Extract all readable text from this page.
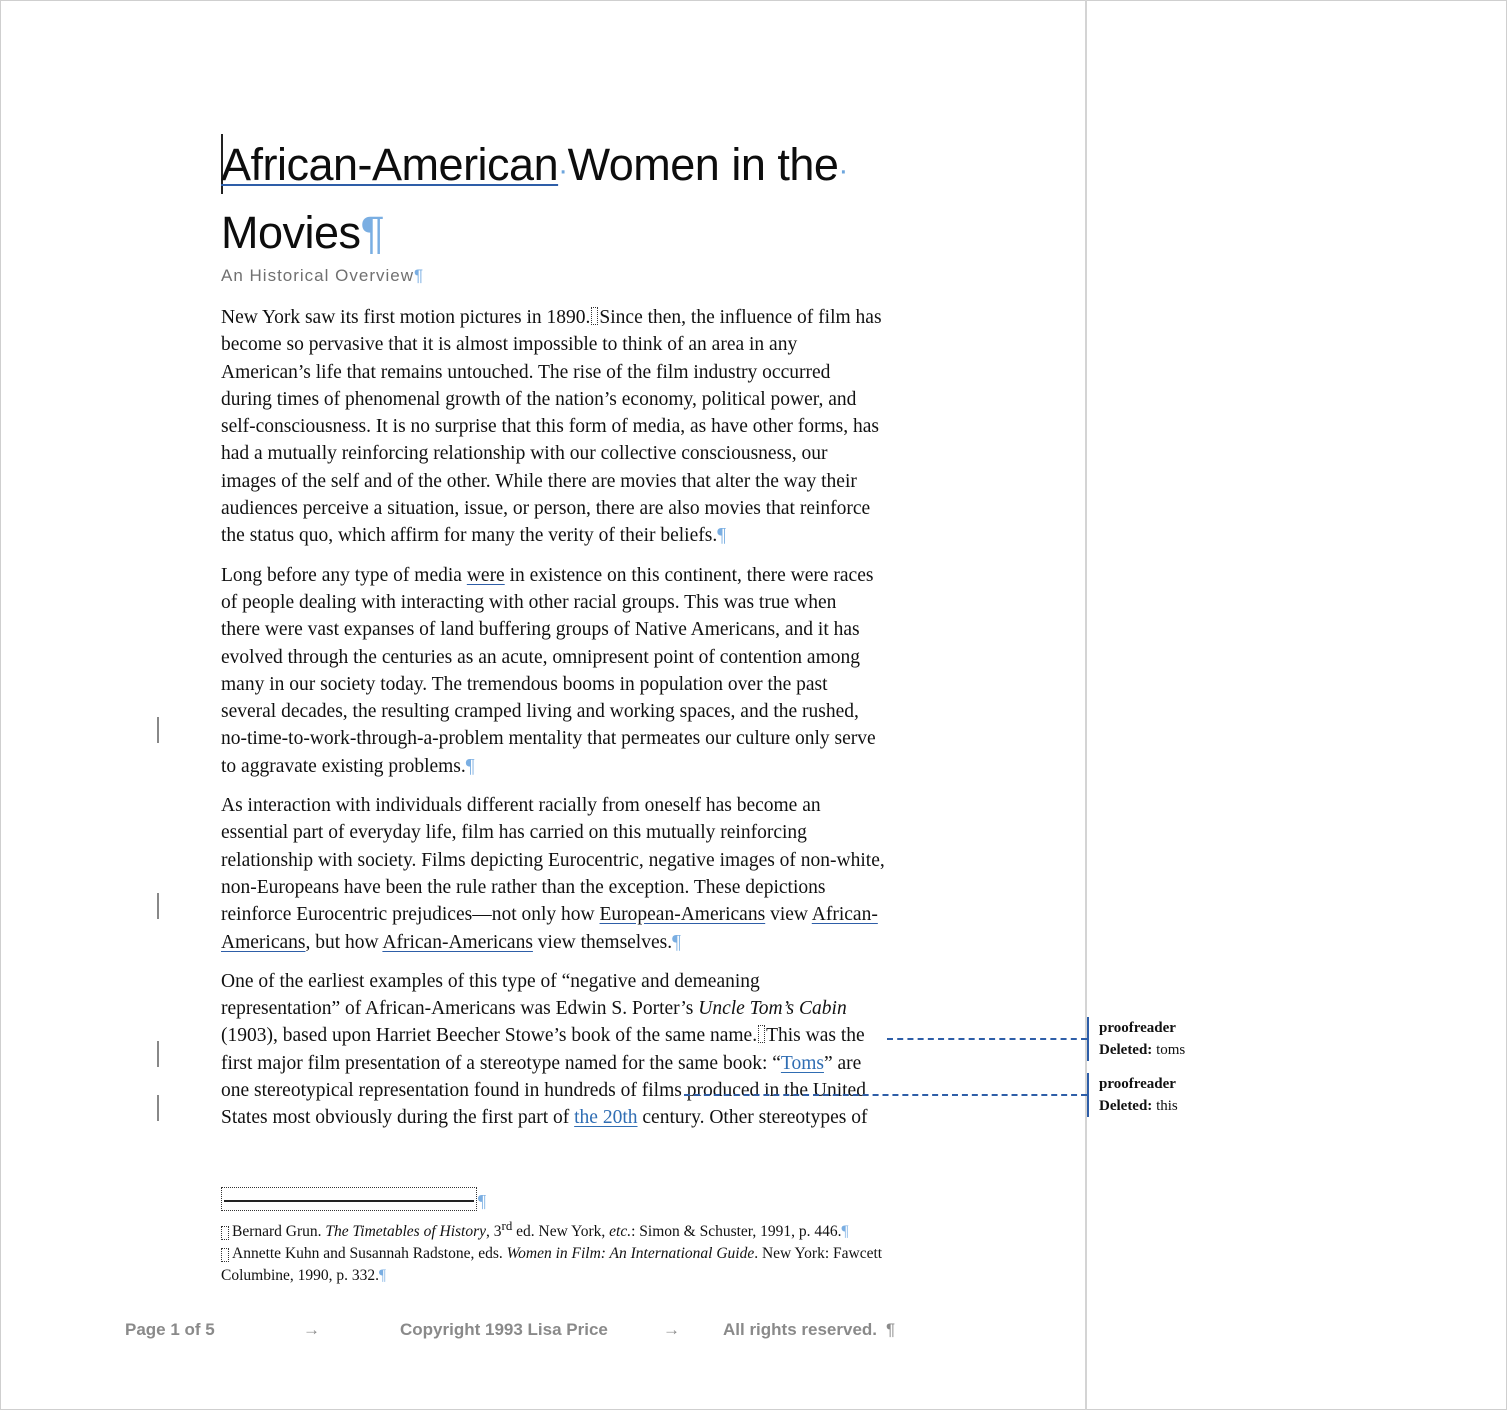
African-American·Women in the·
Movies¶
An Historical Overview¶

New York saw its first motion pictures in 1890. Since then, the influence of film has
become so pervasive that it is almost impossible to think of an area in any
American’s life that remains untouched. The rise of the film industry occurred
during times of phenomenal growth of the nation’s economy, political power, and
self-consciousness. It is no surprise that this form of media, as have other forms, has
had a mutually reinforcing relationship with our collective consciousness, our
images of the self and of the other. While there are movies that alter the way their
audiences perceive a situation, issue, or person, there are also movies that reinforce
the status quo, which affirm for many the verity of their beliefs.¶

Long before any type of media were in existence on this continent, there were races
of people dealing with interacting with other racial groups. This was true when
there were vast expanses of land buffering groups of Native Americans, and it has
evolved through the centuries as an acute, omnipresent point of contention among
many in our society today. The tremendous booms in population over the past
several decades, the resulting cramped living and working spaces, and the rushed,
no-time-to-work-through-a-problem mentality that permeates our culture only serve
to aggravate existing problems.¶

As interaction with individuals different racially from oneself has become an
essential part of everyday life, film has carried on this mutually reinforcing
relationship with society. Films depicting Eurocentric, negative images of non-white,
non-Europeans have been the rule rather than the exception. These depictions
reinforce Eurocentric prejudices—not only how European-Americans view African-
Americans, but how African-Americans view themselves.¶

One of the earliest examples of this type of “negative and demeaning
representation” of African-Americans was Edwin S. Porter’s Uncle Tom’s Cabin
(1903), based upon Harriet Beecher Stowe’s book of the same name. This was the
first major film presentation of a stereotype named for the same book: “Toms” are
one stereotypical representation found in hundreds of films produced in the United
States most obviously during the first part of the 20th century. Other stereotypes of

¶
Bernard Grun. The Timetables of History, 3rd ed. New York, etc.: Simon & Schuster, 1991, p. 446.¶
Annette Kuhn and Susannah Radstone, eds. Women in Film: An International Guide. New York: Fawcett
Columbine, 1990, p. 332.¶
Page 1 of 5	→	Copyright 1993 Lisa Price	→	All rights reserved. ¶
proofreader
Deleted: toms
proofreader
Deleted: this
